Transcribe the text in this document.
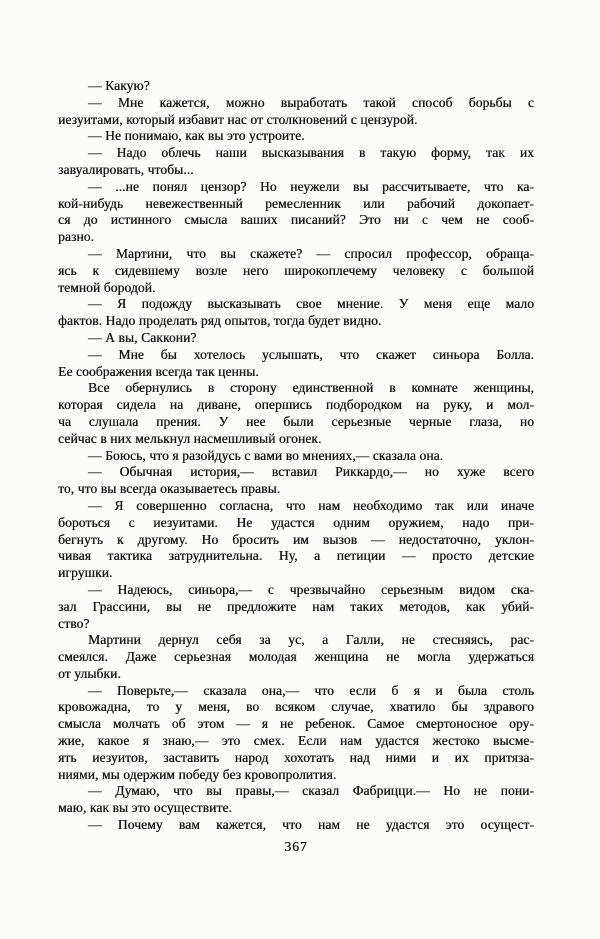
— Какую?
— Мне кажется, можно выработать такой способ борьбы с
иезуитами, который избавит нас от столкновений с цензурой.
— Не понимаю, как вы это устроите.
— Надо облечь наши высказывания в такую форму, так их
завуалировать, чтобы...
— ...не понял цензор? Но неужели вы рассчитываете, что ка-
кой-нибудь невежественный ремесленник или рабочий докопает-
ся до истинного смысла ваших писаний? Это ни с чем не сооб-
разно.
— Мартини, что вы скажете? — спросил профессор, обраща-
ясь к сидевшему возле него широкоплечему человеку с большой
темной бородой.
— Я подожду высказывать свое мнение. У меня еще мало
фактов. Надо проделать ряд опытов, тогда будет видно.
— А вы, Саккони?
— Мне бы хотелось услышать, что скажет синьора Болла.
Ее соображения всегда так ценны.
Все обернулись в сторону единственной в комнате женщины,
которая сидела на диване, опершись подбородком на руку, и мол-
ча слушала прения. У нее были серьезные черные глаза, но
сейчас в них мелькнул насмешливый огонек.
— Боюсь, что я разойдусь с вами во мнениях,— сказала она.
— Обычная история,— вставил Риккардо,— но хуже всего
то, что вы всегда оказываетесь правы.
— Я совершенно согласна, что нам необходимо так или иначе
бороться с иезуитами. Не удастся одним оружием, надо при-
бегнуть к другому. Но бросить им вызов — недостаточно, уклон-
чивая тактика затруднительна. Ну, а петиции — просто детские
игрушки.
— Надеюсь, синьора,— с чрезвычайно серьезным видом ска-
зал Грассини, вы не предложите нам таких методов, как убий-
ство?
Мартини дернул себя за ус, а Галли, не стесняясь, рас-
смеялся. Даже серьезная молодая женщина не могла удержаться
от улыбки.
— Поверьте,— сказала она,— что если б я и была столь
кровожадна, то у меня, во всяком случае, хватило бы здравого
смысла молчать об этом — я не ребенок. Самое смертоносное ору-
жие, какое я знаю,— это смех. Если нам удастся жестоко высме-
ять иезуитов, заставить народ хохотать над ними и их притяза-
ниями, мы одержим победу без кровопролития.
— Думаю, что вы правы,— сказал Фабрицци.— Но не пони-
маю, как вы это осуществите.
— Почему вам кажется, что нам не удастся это осущест-
367
